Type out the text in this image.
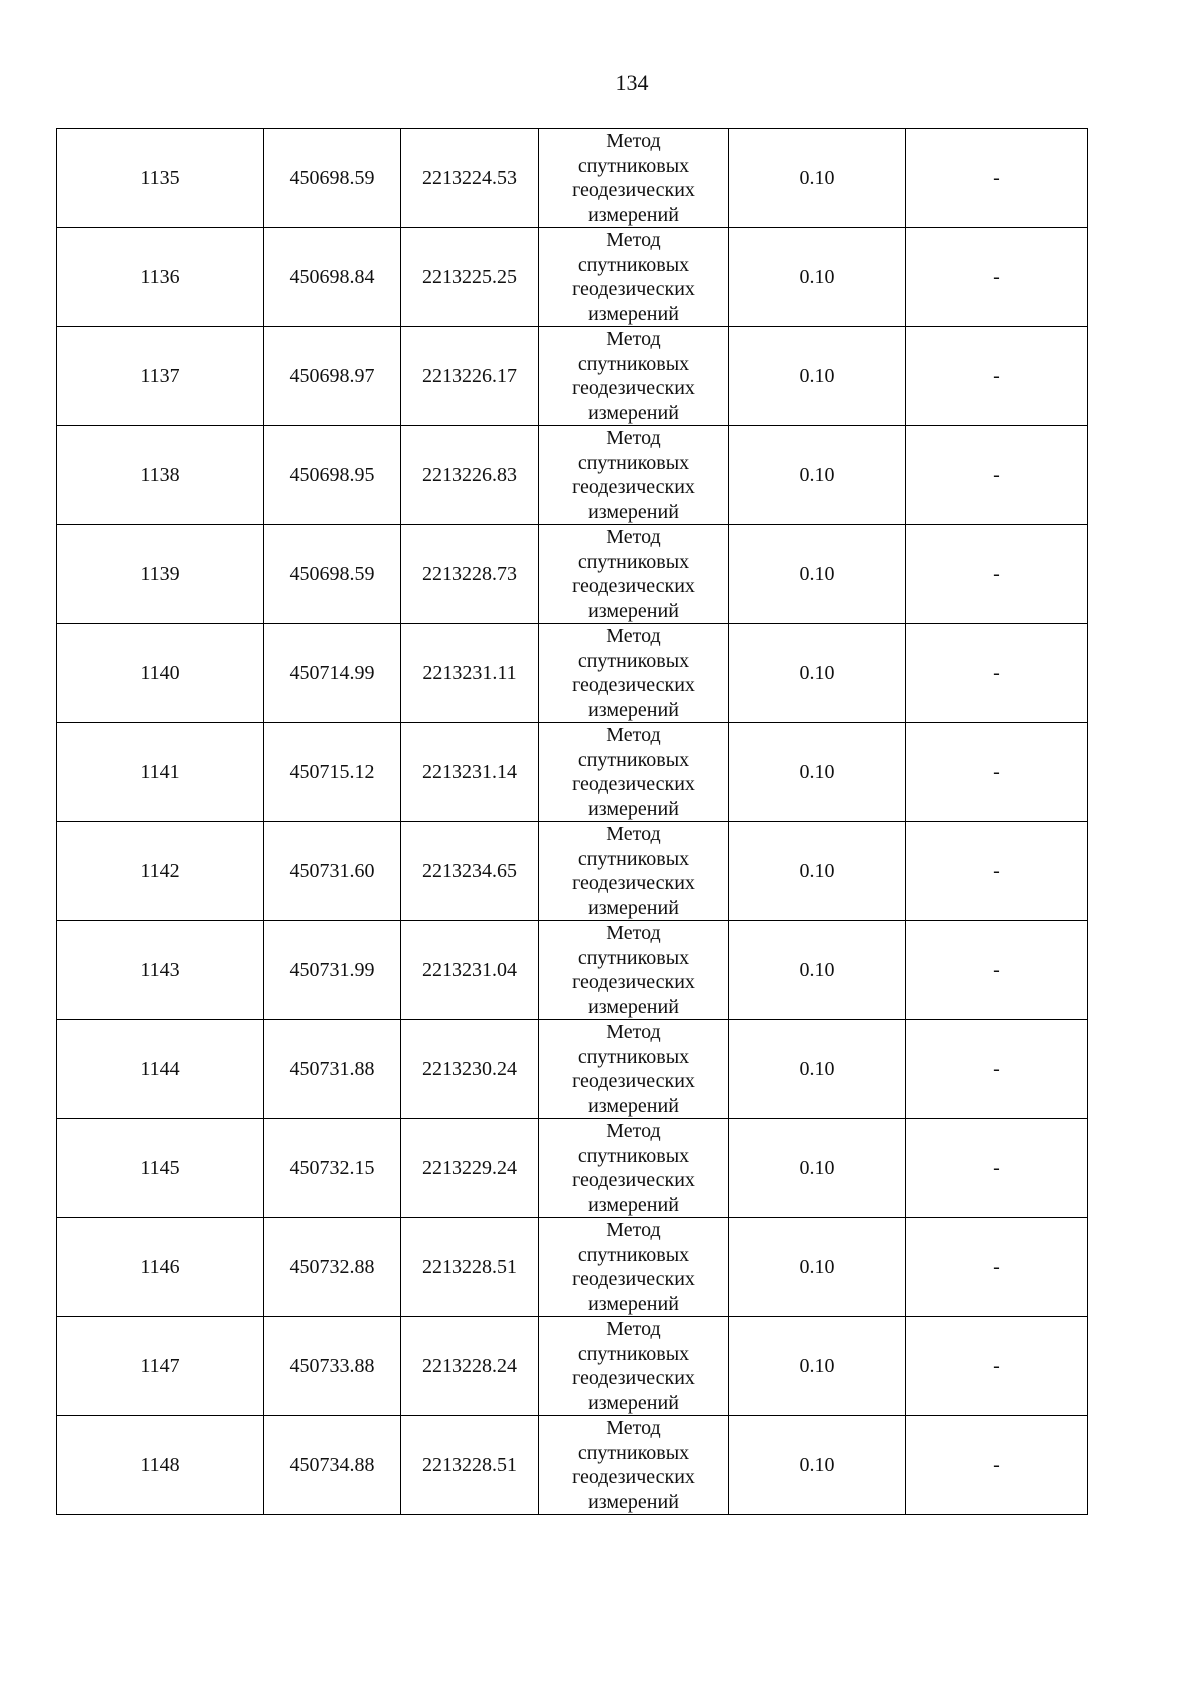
134
1135	450698.59	2213224.53	Метод
спутниковых
геодезических
измерений	0.10	-
1136	450698.84	2213225.25	Метод
спутниковых
геодезических
измерений	0.10	-
1137	450698.97	2213226.17	Метод
спутниковых
геодезических
измерений	0.10	-
1138	450698.95	2213226.83	Метод
спутниковых
геодезических
измерений	0.10	-
1139	450698.59	2213228.73	Метод
спутниковых
геодезических
измерений	0.10	-
1140	450714.99	2213231.11	Метод
спутниковых
геодезических
измерений	0.10	-
1141	450715.12	2213231.14	Метод
спутниковых
геодезических
измерений	0.10	-
1142	450731.60	2213234.65	Метод
спутниковых
геодезических
измерений	0.10	-
1143	450731.99	2213231.04	Метод
спутниковых
геодезических
измерений	0.10	-
1144	450731.88	2213230.24	Метод
спутниковых
геодезических
измерений	0.10	-
1145	450732.15	2213229.24	Метод
спутниковых
геодезических
измерений	0.10	-
1146	450732.88	2213228.51	Метод
спутниковых
геодезических
измерений	0.10	-
1147	450733.88	2213228.24	Метод
спутниковых
геодезических
измерений	0.10	-
1148	450734.88	2213228.51	Метод
спутниковых
геодезических
измерений	0.10	-
